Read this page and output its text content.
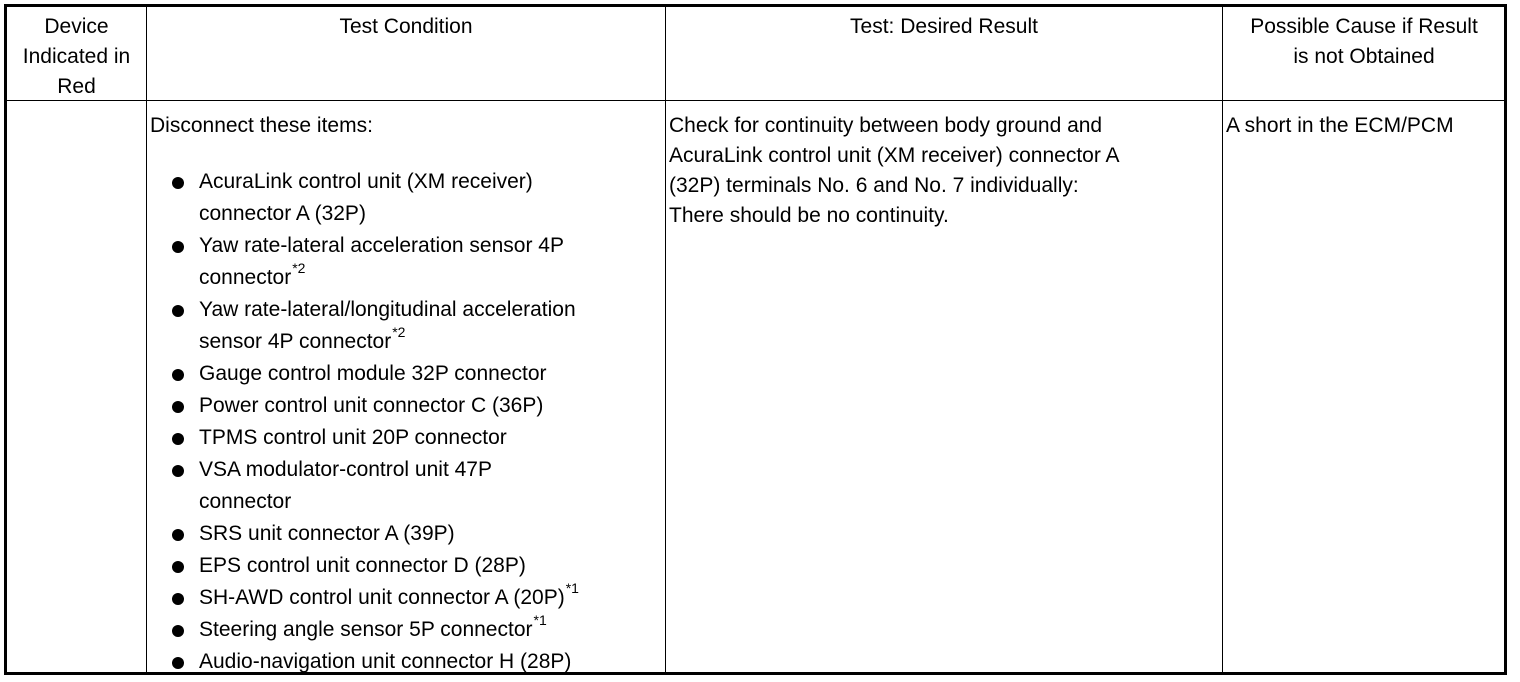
Device
Indicated in
Red
Test Condition	Test: Desired Result	Possible Cause if Result
is not Obtained
Disconnect these items:
AcuraLink control unit (XM receiver)
connector A (32P)
Yaw rate-lateral acceleration sensor 4P
connector$^{*2}$
Yaw rate-lateral/longitudinal acceleration
sensor 4P connector$^{*2}$
Gauge control module 32P connector
Power control unit connector C (36P)
TPMS control unit 20P connector
VSA modulator-control unit 47P
connector
SRS unit connector A (39P)
EPS control unit connector D (28P)
SH-AWD control unit connector A $(20P)^{*1}$
Steering angle sensor 5P connector$^{*1}$
Audio-navigation unit connector H (28P)
Check for continuity between body ground and
AcuraLink control unit (XM receiver) connector A
(32P) terminals No. 6 and No. 7 individually:
There should be no continuity.
A short in the ECM/PCM
